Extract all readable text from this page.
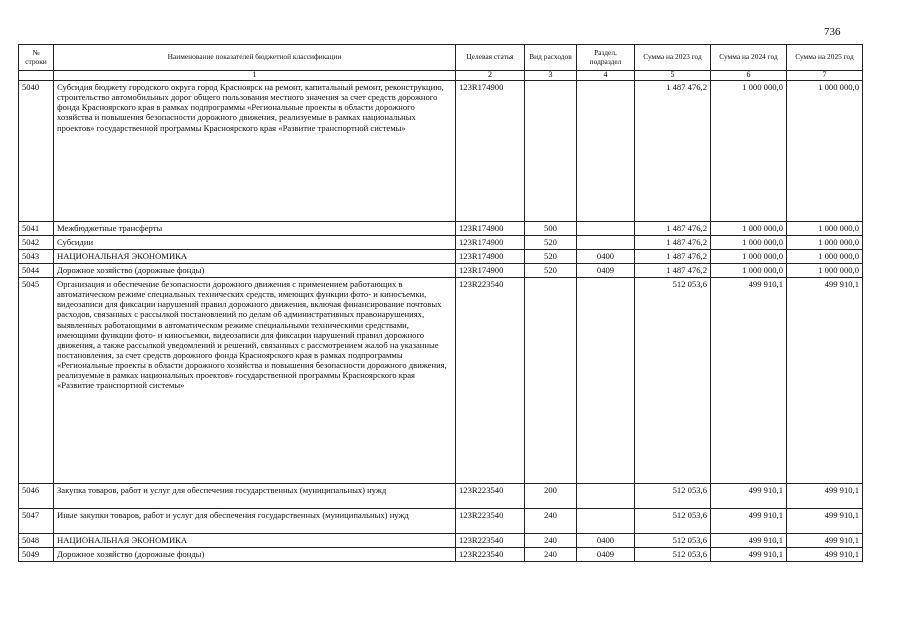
736
№ строки	Наименование показателей бюджетной классификации	Целевая статья	Вид расходов	Раздел, подраздел	Сумма на 2023 год	Сумма на 2024 год	Сумма на 2025 год
	1	2	3	4	5	6	7
5040	Субсидия бюджету городского округа город Красноярск на ремонт, капитальный ремонт, реконструкцию, строительство автомобильных дорог общего пользования местного значения за счет средств дорожного фонда Красноярского края в рамках подпрограммы «Региональные проекты в области дорожного хозяйства и повышения безопасности дорожного движения, реализуемые в рамках национальных проектов» государственной программы Красноярского края «Развитие транспортной системы»	123R174900			1 487 476,2	1 000 000,0	1 000 000,0
5041	Межбюджетные трансферты	123R174900	500		1 487 476,2	1 000 000,0	1 000 000,0
5042	Субсидии	123R174900	520		1 487 476,2	1 000 000,0	1 000 000,0
5043	НАЦИОНАЛЬНАЯ ЭКОНОМИКА	123R174900	520	0400	1 487 476,2	1 000 000,0	1 000 000,0
5044	Дорожное хозяйство (дорожные фонды)	123R174900	520	0409	1 487 476,2	1 000 000,0	1 000 000,0
5045	Организация и обеспечение безопасности дорожного движения с применением работающих в автоматическом режиме специальных технических средств, имеющих функции фото- и киносъемки, видеозаписи для фиксации нарушений правил дорожного движения, включая финансирование почтовых расходов, связанных с рассылкой постановлений по делам об административных правонарушениях, выявленных работающими в автоматическом режиме специальными техническими средствами, имеющими функции фото- и киносъемки, видеозаписи для фиксации нарушений правил дорожного движения, а также рассылкой уведомлений и решений, связанных с рассмотрением жалоб на указанные постановления, за счет средств дорожного фонда Красноярского края в рамках подпрограммы «Региональные проекты в области дорожного хозяйства и повышения безопасности дорожного движения, реализуемые в рамках национальных проектов» государственной программы Красноярского края «Развитие транспортной системы»	123R223540			512 053,6	499 910,1	499 910,1
5046	Закупка товаров, работ и услуг для обеспечения государственных (муниципальных) нужд	123R223540	200		512 053,6	499 910,1	499 910,1
5047	Иные закупки товаров, работ и услуг для обеспечения государственных (муниципальных) нужд	123R223540	240		512 053,6	499 910,1	499 910,1
5048	НАЦИОНАЛЬНАЯ ЭКОНОМИКА	123R223540	240	0400	512 053,6	499 910,1	499 910,1
5049	Дорожное хозяйство (дорожные фонды)	123R223540	240	0409	512 053,6	499 910,1	499 910,1
